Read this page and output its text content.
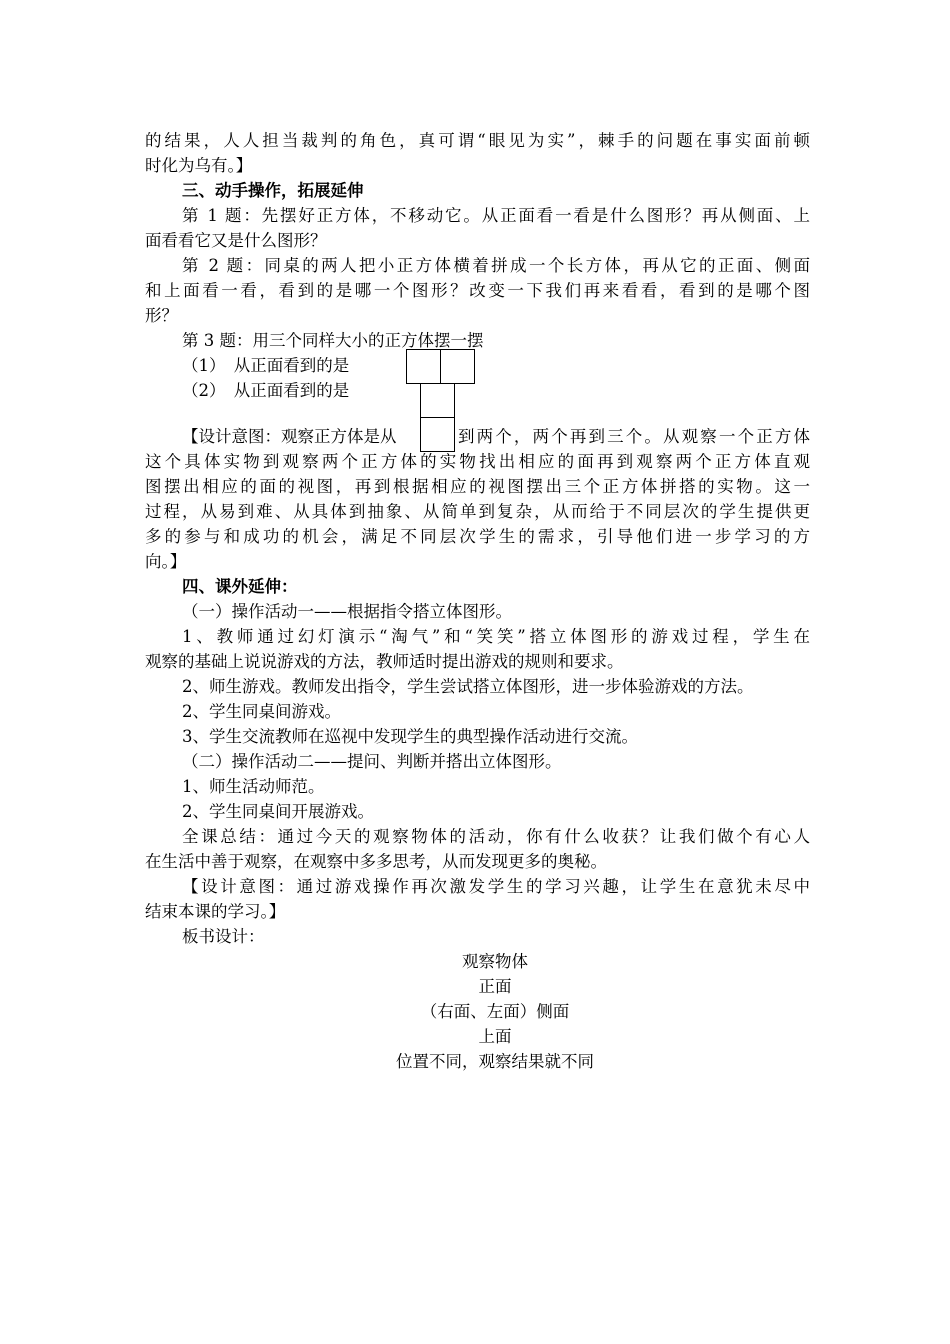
的结果，人人担当裁判的角色，真可谓“眼见为实”，棘手的问题在事实面前顿
时化为乌有。】
三、动手操作，拓展延伸
第 1 题：先摆好正方体，不移动它。从正面看一看是什么图形？再从侧面、上
面看看它又是什么图形？
第 2 题：同桌的两人把小正方体横着拼成一个长方体，再从它的正面、侧面
和上面看一看，看到的是哪一个图形？改变一下我们再来看看，看到的是哪个图
形？
第 3 题：用三个同样大小的正方体摆一摆
（1）　从正面看到的是
（2）　从正面看到的是
【设计意图：观察正方体是从	到两个，两个再到三个。从观察一个正方体
这个具体实物到观察两个正方体的实物找出相应的面再到观察两个正方体直观
图摆出相应的面的视图，再到根据相应的视图摆出三个正方体拼搭的实物。这一
过程，从易到难、从具体到抽象、从简单到复杂，从而给于不同层次的学生提供更
多的参与和成功的机会，满足不同层次学生的需求，引导他们进一步学习的方
向。】
四、课外延伸：
（一）操作活动一——根据指令搭立体图形。
1、教师通过幻灯演示“淘气”和“笑笑”搭立体图形的游戏过程，学生在
观察的基础上说说游戏的方法，教师适时提出游戏的规则和要求。
2、师生游戏。教师发出指令，学生尝试搭立体图形，进一步体验游戏的方法。
2、学生同桌间游戏。
3、学生交流教师在巡视中发现学生的典型操作活动进行交流。
（二）操作活动二——提问、判断并搭出立体图形。
1、师生活动师范。
2、学生同桌间开展游戏。
全课总结：通过今天的观察物体的活动，你有什么收获？让我们做个有心人
在生活中善于观察，在观察中多多思考，从而发现更多的奥秘。
【设计意图：通过游戏操作再次激发学生的学习兴趣，让学生在意犹未尽中
结束本课的学习。】
板书设计：
观察物体
正面
（右面、左面）侧面
上面
位置不同，观察结果就不同
